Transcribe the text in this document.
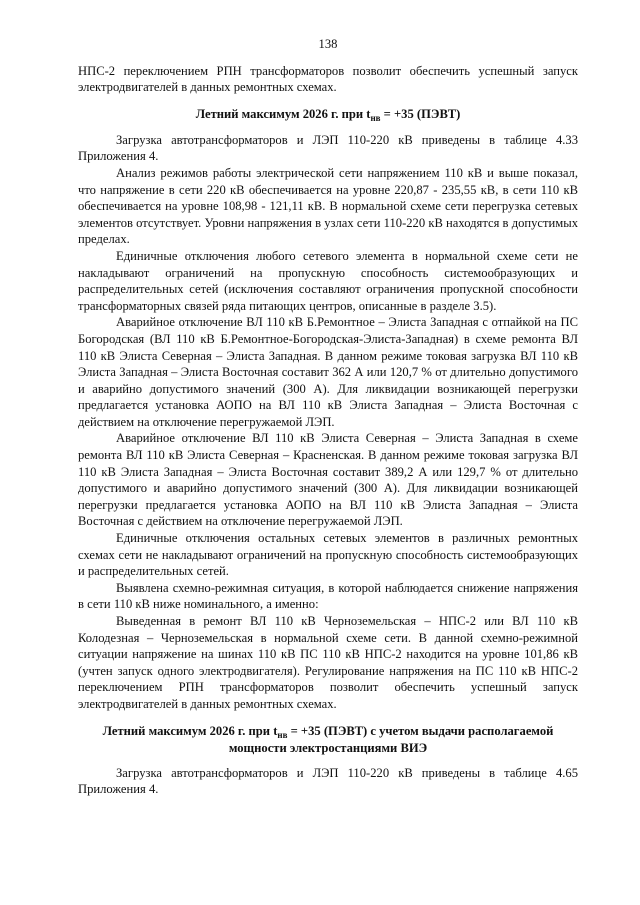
138

НПС-2 переключением РПН трансформаторов позволит обеспечить успешный запуск электродвигателей в данных ремонтных схемах.

Летний максимум 2026 г. при $t_{нв} = +35$ (ПЭВТ)

Загрузка автотрансформаторов и ЛЭП 110-220 кВ приведены в таблице 4.33 Приложения 4.

Анализ режимов работы электрической сети напряжением 110 кВ и выше показал, что напряжение в сети 220 кВ обеспечивается на уровне 220,87 - 235,55 кВ, в сети 110 кВ обеспечивается на уровне 108,98 - 121,11 кВ. В нормальной схеме сети перегрузка сетевых элементов отсутствует. Уровни напряжения в узлах сети 110-220 кВ находятся в допустимых пределах.

Единичные отключения любого сетевого элемента в нормальной схеме сети не накладывают ограничений на пропускную способность системообразующих и распределительных сетей (исключения составляют ограничения пропускной способности трансформаторных связей ряда питающих центров, описанные в разделе 3.5).

Аварийное отключение ВЛ 110 кВ Б.Ремонтное – Элиста Западная с отпайкой на ПС Богородская (ВЛ 110 кВ Б.Ремонтное-Богородская-Элиста-Западная) в схеме ремонта ВЛ 110 кВ Элиста Северная – Элиста Западная. В данном режиме токовая загрузка ВЛ 110 кВ Элиста Западная – Элиста Восточная составит 362 А или 120,7 % от длительно допустимого и аварийно допустимого значений (300 А). Для ликвидации возникающей перегрузки предлагается установка АОПО на ВЛ 110 кВ Элиста Западная – Элиста Восточная с действием на отключение перегружаемой ЛЭП.

Аварийное отключение ВЛ 110 кВ Элиста Северная – Элиста Западная в схеме ремонта ВЛ 110 кВ Элиста Северная – Красненская. В данном режиме токовая загрузка ВЛ 110 кВ Элиста Западная – Элиста Восточная составит 389,2 А или 129,7 % от длительно допустимого и аварийно допустимого значений (300 А). Для ликвидации возникающей перегрузки предлагается установка АОПО на ВЛ 110 кВ Элиста Западная – Элиста Восточная с действием на отключение перегружаемой ЛЭП.

Единичные отключения остальных сетевых элементов в различных ремонтных схемах сети не накладывают ограничений на пропускную способность системообразующих и распределительных сетей.

Выявлена схемно-режимная ситуация, в которой наблюдается снижение напряжения в сети 110 кВ ниже номинального, а именно:

Выведенная в ремонт ВЛ 110 кВ Черноземельская – НПС-2 или ВЛ 110 кВ Колодезная – Черноземельская в нормальной схеме сети. В данной схемно-режимной ситуации напряжение на шинах 110 кВ ПС 110 кВ НПС-2 находится на уровне 101,86 кВ (учтен запуск одного электродвигателя). Регулирование напряжения на ПС 110 кВ НПС-2 переключением РПН трансформаторов позволит обеспечить успешный запуск электродвигателей в данных ремонтных схемах.

Летний максимум 2026 г. при $t_{нв} = +35$ (ПЭВТ) с учетом выдачи располагаемой мощности электростанциями ВИЭ

Загрузка автотрансформаторов и ЛЭП 110-220 кВ приведены в таблице 4.65 Приложения 4.
